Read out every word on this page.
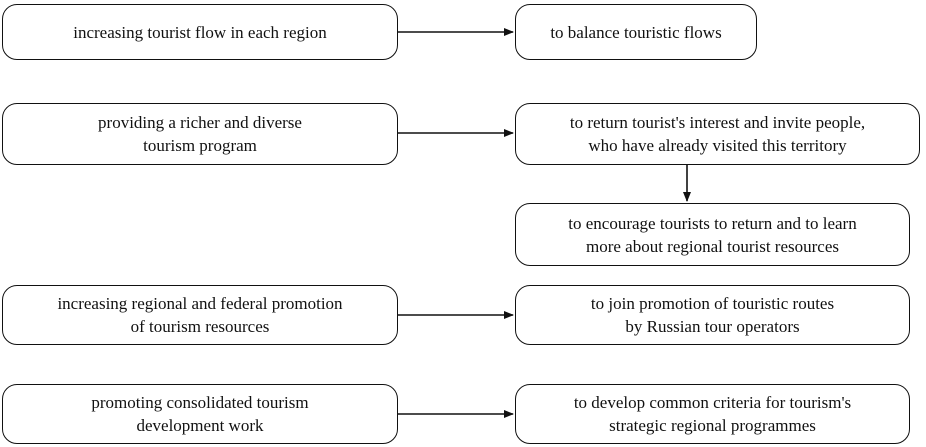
increasing tourist flow in each region	to balance touristic flows
providing a richer and diverse
tourism program
to return tourist's interest and invite people,
who have already visited this territory
to encourage tourists to return and to learn
more about regional tourist resources
increasing regional and federal promotion
of tourism resources
to join promotion of touristic routes
by Russian tour operators
promoting consolidated tourism
development work
to develop common criteria for tourism's
strategic regional programmes
